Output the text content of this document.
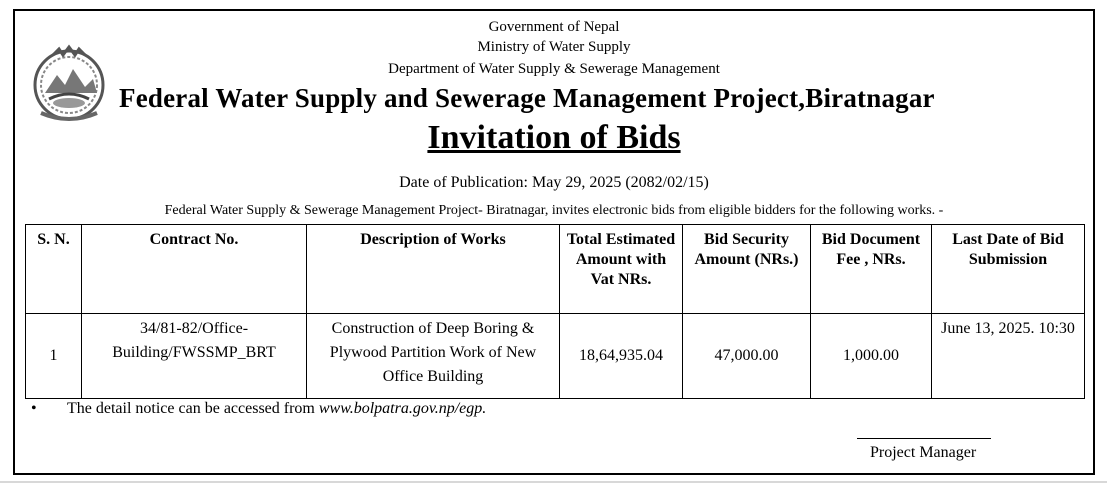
Government of Nepal
Ministry of Water Supply
Department of Water Supply & Sewerage Management
Federal Water Supply and Sewerage Management Project,Biratnagar
Invitation of Bids
Date of Publication: May 29, 2025 (2082/02/15)
Federal Water Supply & Sewerage Management Project- Biratnagar, invites electronic bids from eligible bidders for the following works. -
S. N.	Contract No.	Description of Works	Total Estimated Amount with Vat NRs.	Bid Security Amount (NRs.)	Bid Document Fee , NRs.	Last Date of Bid Submission
1	34/81-82/Office-Building/FWSSMP_BRT	Construction of Deep Boring & Plywood Partition Work of New Office Building	18,64,935.04	47,000.00	1,000.00	June 13, 2025. 10:30
• The detail notice can be accessed from www.bolpatra.gov.np/egp.
Project Manager
